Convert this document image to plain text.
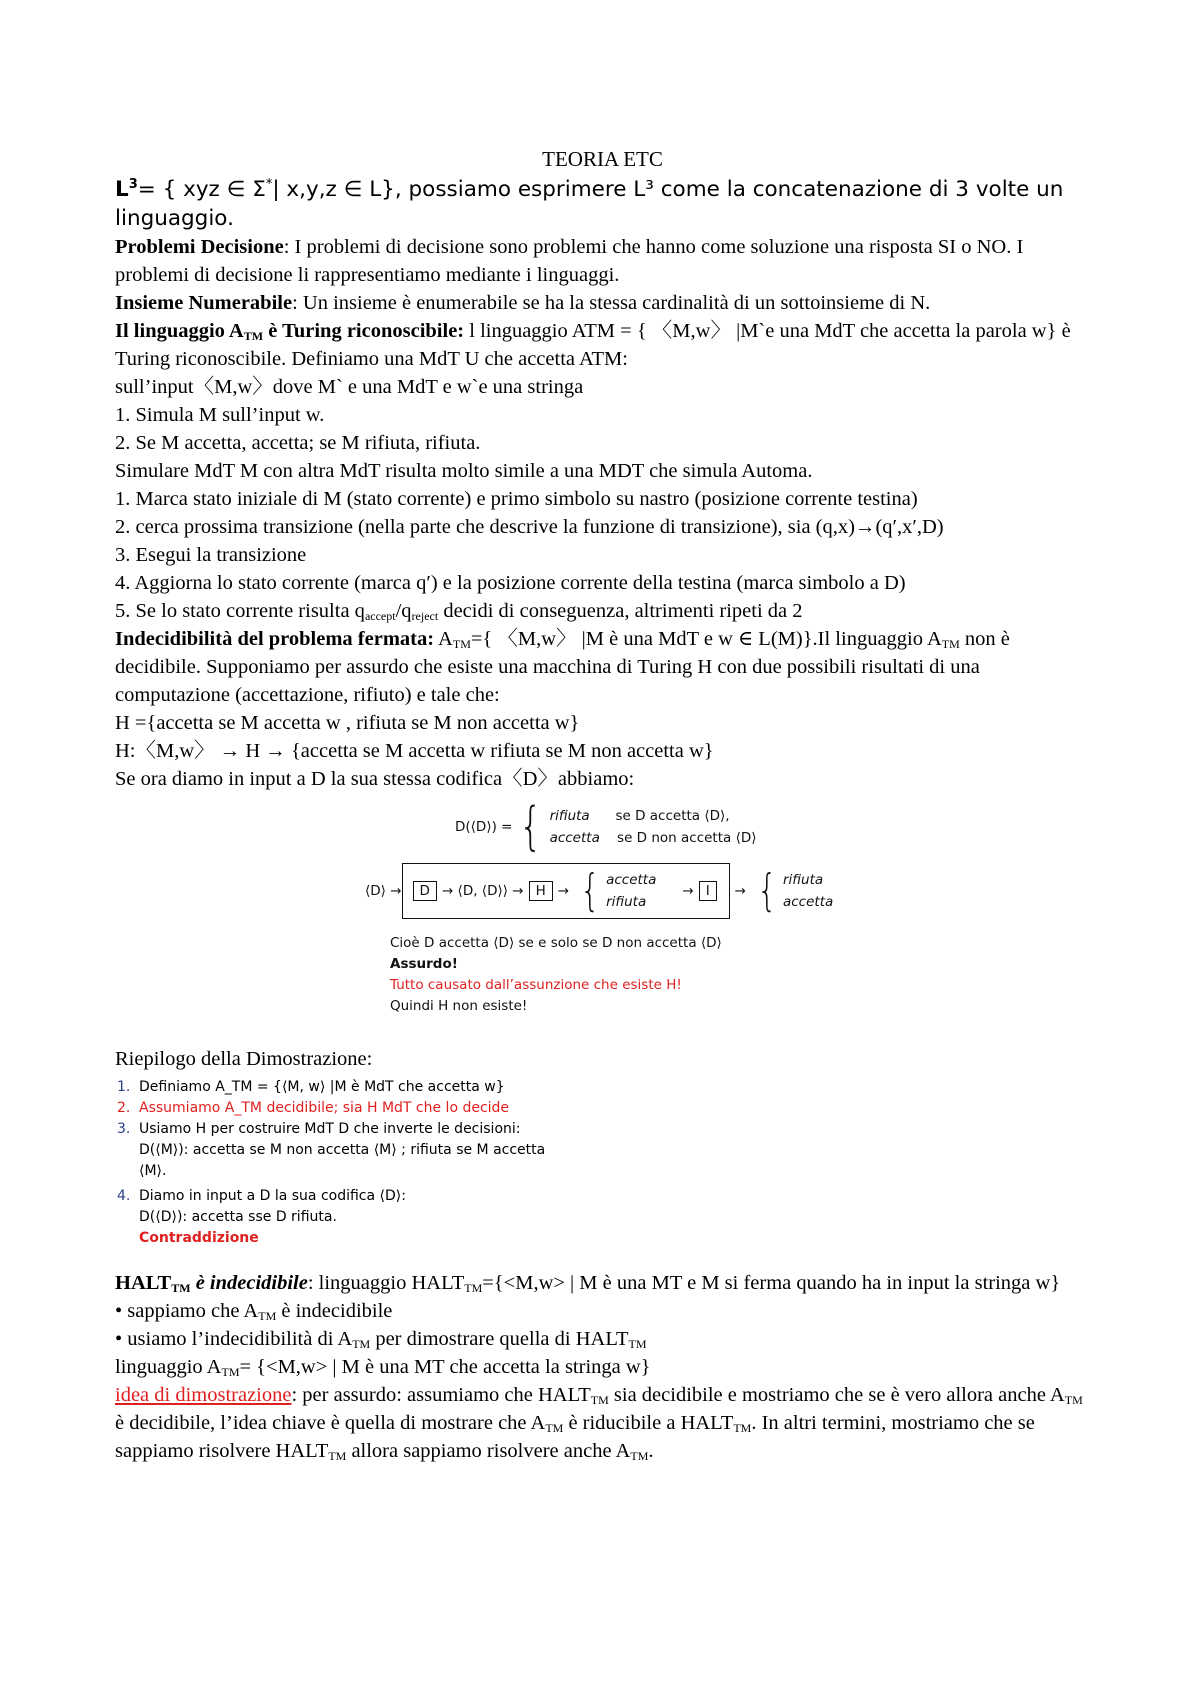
TEORIA ETC

$L^3=$ { xyz ∈ Σ*| x,y,z ∈ L}, possiamo esprimere L³ come la concatenazione di 3 volte un linguaggio.

Problemi Decisione: I problemi di decisione sono problemi che hanno come soluzione una risposta SI o NO. I problemi di decisione li rappresentiamo mediante i linguaggi.

Insieme Numerabile: Un insieme è enumerabile se ha la stessa cardinalità di un sottoinsieme di N.

Il linguaggio $A_{TM}$ è Turing riconoscibile: l linguaggio ATM = { 〈M,w〉 |M`e una MdT che accetta la parola w} è Turing riconoscibile. Definiamo una MdT U che accetta ATM:

sull’input〈M,w〉dove M` e una MdT e w`e una stringa

1. Simula M sull’input w.

2. Se M accetta, accetta; se M rifiuta, rifiuta.

Simulare MdT M con altra MdT risulta molto simile a una MDT che simula Automa.

1. Marca stato iniziale di M (stato corrente) e primo simbolo su nastro (posizione corrente testina)

2. cerca prossima transizione (nella parte che descrive la funzione di transizione), sia (q,x)→(q′,x′,D)

3. Esegui la transizione

4. Aggiorna lo stato corrente (marca q′) e la posizione corrente della testina (marca simbolo a D)

5. Se lo stato corrente risulta $q_{accept}/q_{reject}$ decidi di conseguenza, altrimenti ripeti da 2

Indecidibilità del problema fermata: $A_{TM}=${ 〈M,w〉 |M è una MdT e w ∈ L(M)}.Il linguaggio $A_{TM}$ non è decidibile. Supponiamo per assurdo che esiste una macchina di Turing H con due possibili risultati di una computazione (accettazione, rifiuto) e tale che:

H ={accetta se M accetta w , rifiuta se M non accetta w}

H:〈M,w〉 → H → {accetta se M accetta w rifiuta se M non accetta w}

Se ora diamo in input a D la sua stessa codifica〈D〉abbiamo:

D(⟨D⟩) = { rifiuta se D accetta ⟨D⟩,
accetta se D non accetta ⟨D⟩
⟨D⟩ →	D → ⟨D, ⟨D⟩⟩ → H → { accetta
rifiuta
→ I	→ { rifiuta
accetta
Cioè D accetta ⟨D⟩ se e solo se D non accetta ⟨D⟩
Assurdo!
Tutto causato dall’assunzione che esiste H!
Quindi H non esiste!

Riepilogo della Dimostrazione:

1. Definiamo A_TM = {⟨M, w⟩ |M è MdT che accetta w}
2. Assumiamo A_TM decidibile; sia H MdT che lo decide
3. Usiamo H per costruire MdT D che inverte le decisioni:
D(⟨M⟩): accetta se M non accetta ⟨M⟩ ; rifiuta se M accetta
⟨M⟩.
4. Diamo in input a D la sua codifica ⟨D⟩:
D(⟨D⟩): accetta sse D rifiuta.
Contraddizione

$HALT_{TM}$ è indecidibile: linguaggio $HALT_{TM}=\{<M,w>$ | M è una MT e M si ferma quando ha in input la stringa w}

• sappiamo che $A_{TM}$ è indecidibile

• usiamo l’indecidibilità di $A_{TM}$ per dimostrare quella di $HALT_{TM}$

linguaggio $A_{TM}= \{<M,w>$ | M è una MT che accetta la stringa w}

idea di dimostrazione: per assurdo: assumiamo che $HALT_{TM}$ sia decidibile e mostriamo che se è vero allora anche $A_{TM}$ è decidibile, l’idea chiave è quella di mostrare che $A_{TM}$ è riducibile a $HALT_{TM}$. In altri termini, mostriamo che se sappiamo risolvere $HALT_{TM}$ allora sappiamo risolvere anche $A_{TM}$.
